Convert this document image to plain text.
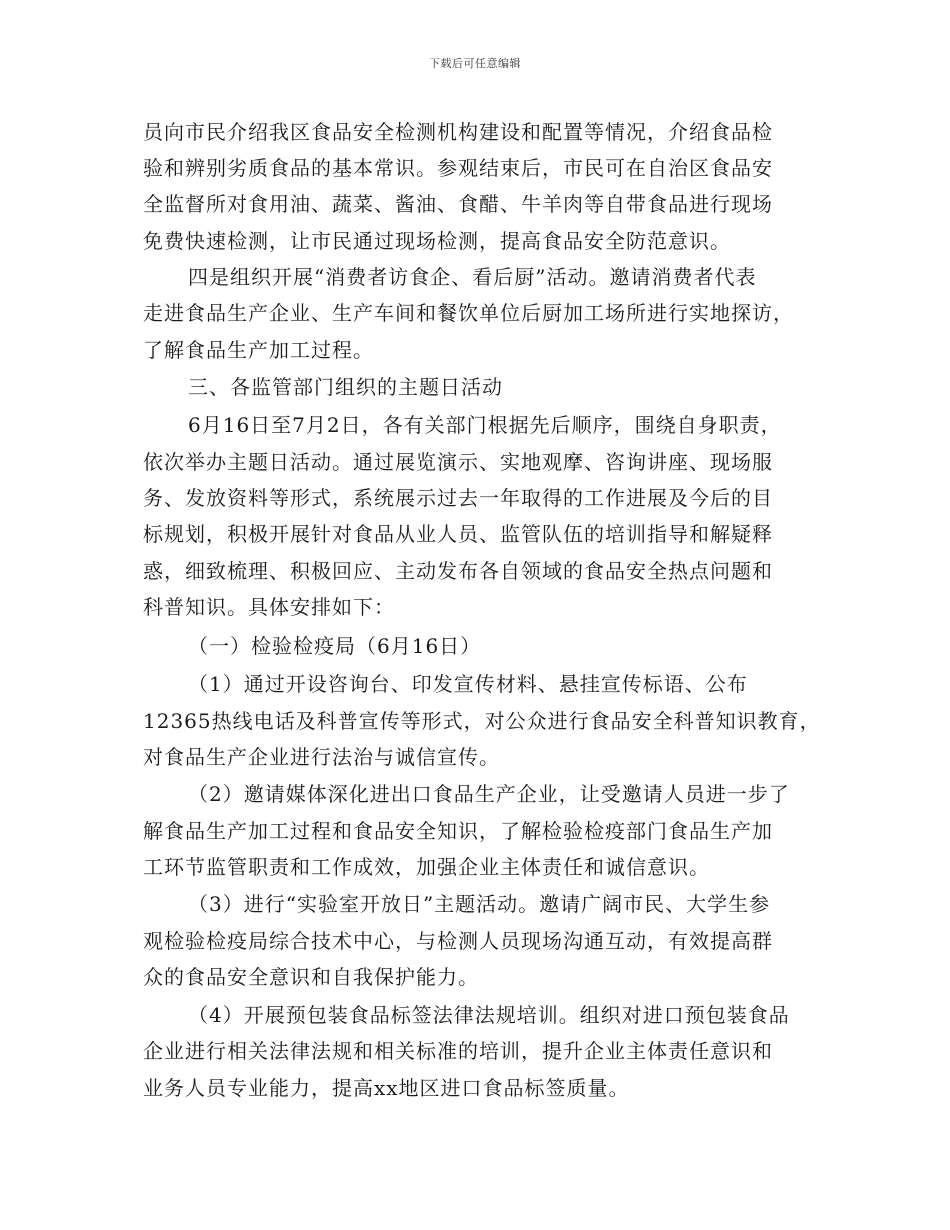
下载后可任意编辑
员向市民介绍我区食品安全检测机构建设和配置等情况，介绍食品检
验和辨别劣质食品的基本常识。参观结束后，市民可在自治区食品安
全监督所对食用油、蔬菜、酱油、食醋、牛羊肉等自带食品进行现场
免费快速检测，让市民通过现场检测，提高食品安全防范意识。
四是组织开展“消费者访食企、看后厨”活动。邀请消费者代表
走进食品生产企业、生产车间和餐饮单位后厨加工场所进行实地探访，
了解食品生产加工过程。
三、各监管部门组织的主题日活动
6月16日至7月2日，各有关部门根据先后顺序，围绕自身职责，
依次举办主题日活动。通过展览演示、实地观摩、咨询讲座、现场服
务、发放资料等形式，系统展示过去一年取得的工作进展及今后的目
标规划，积极开展针对食品从业人员、监管队伍的培训指导和解疑释
惑，细致梳理、积极回应、主动发布各自领域的食品安全热点问题和
科普知识。具体安排如下：
（一）检验检疫局（6月16日）
（1）通过开设咨询台、印发宣传材料、悬挂宣传标语、公布
12365热线电话及科普宣传等形式，对公众进行食品安全科普知识教育，
对食品生产企业进行法治与诚信宣传。
（2）邀请媒体深化进出口食品生产企业，让受邀请人员进一步了
解食品生产加工过程和食品安全知识，了解检验检疫部门食品生产加
工环节监管职责和工作成效，加强企业主体责任和诚信意识。
（3）进行“实验室开放日”主题活动。邀请广阔市民、大学生参
观检验检疫局综合技术中心，与检测人员现场沟通互动，有效提高群
众的食品安全意识和自我保护能力。
（4）开展预包装食品标签法律法规培训。组织对进口预包装食品
企业进行相关法律法规和相关标准的培训，提升企业主体责任意识和
业务人员专业能力，提高xx地区进口食品标签质量。
